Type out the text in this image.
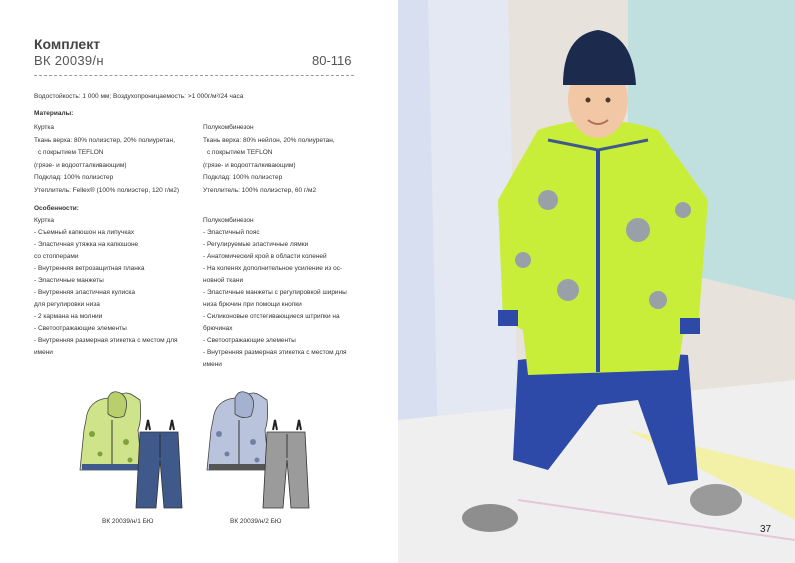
Комплект
ВК 20039/н	80-116
Водостойкость: 1 000 мм; Воздухопроницаемость: >1 000г/м²/24 часа
Материалы:
Куртка
Ткань верха: 80% полиэстер, 20% полиуретан,
с покрытием TEFLON
(грязе- и водоотталкивающим)
Подклад: 100% полиэстер
Утеплитель: Fellex® (100% полиэстер, 120 г/м2)
Полукомбинезон
Ткань верха: 80% нейлон, 20% полиуретан,
с покрытием TEFLON
(грязе- и водоотталкивающим)
Подклад: 100% полиэстер
Утеплитель: 100% полиэстер, 60 г/м2
Особенности:
Куртка
- Съемный капюшон на липучках
- Эластичная утяжка на капюшоне
со стопперами
- Внутренняя ветрозащитная планка
- Эластичные манжеты
- Внутренняя эластичная кулиска
для регулировки низа
- 2 кармана на молнии
- Светоотражающие элементы
- Внутренняя размерная этикетка с местом для
имени
Полукомбинезон
- Эластичный пояс
- Регулируемые эластичные лямки
- Анатомический крой в области коленей
- На коленях дополнительное усиление из ос-
новной ткани
- Эластичные манжеты с регулировкой ширины
низа брючин при помощи кнопки
- Силиконовые отстегивающиеся штрипки на
брючинах
- Светоотражающие элементы
- Внутренняя размерная этикетка с местом для
имени
ВК 20039/н/1 БЮ	ВК 20039/н/2 БЮ
37
